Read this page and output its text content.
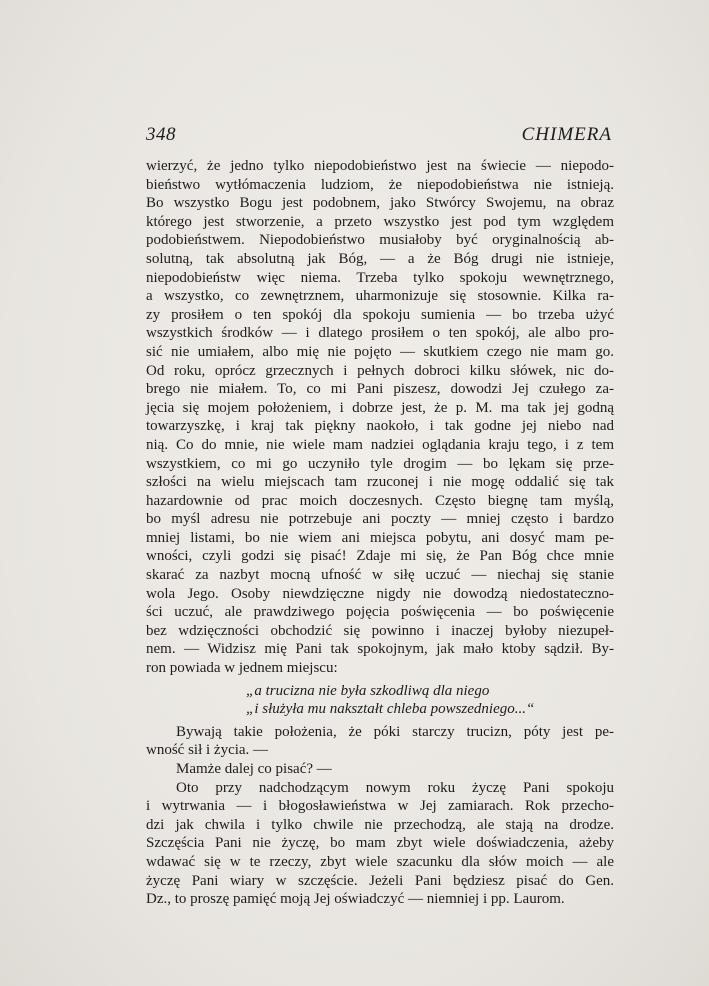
348	CHIMERA
wierzyć, że jedno tylko niepodobieństwo jest na świecie — niepodo-
bieństwo wytłómaczenia ludziom, że niepodobieństwa nie istnieją.
Bo wszystko Bogu jest podobnem, jako Stwórcy Swojemu, na obraz
którego jest stworzenie, a przeto wszystko jest pod tym względem
podobieństwem. Niepodobieństwo musiałoby być oryginalnością ab-
solutną, tak absolutną jak Bóg, — a że Bóg drugi nie istnieje,
niepodobieństw więc niema. Trzeba tylko spokoju wewnętrznego,
a wszystko, co zewnętrznem, uharmonizuje się stosownie. Kilka ra-
zy prosiłem o ten spokój dla spokoju sumienia — bo trzeba użyć
wszystkich środków — i dlatego prosiłem o ten spokój, ale albo pro-
sić nie umiałem, albo mię nie pojęto — skutkiem czego nie mam go.
Od roku, oprócz grzecznych i pełnych dobroci kilku słówek, nic do-
brego nie miałem. To, co mi Pani piszesz, dowodzi Jej czułego za-
jęcia się mojem położeniem, i dobrze jest, że p. M. ma tak jej godną
towarzyszkę, i kraj tak piękny naokoło, i tak godne jej niebo nad
nią. Co do mnie, nie wiele mam nadziei oglądania kraju tego, i z tem
wszystkiem, co mi go uczyniło tyle drogim — bo lękam się prze-
szłości na wielu miejscach tam rzuconej i nie mogę oddalić się tak
hazardownie od prac moich doczesnych. Często biegnę tam myślą,
bo myśl adresu nie potrzebuje ani poczty — mniej często i bardzo
mniej listami, bo nie wiem ani miejsca pobytu, ani dosyć mam pe-
wności, czyli godzi się pisać! Zdaje mi się, że Pan Bóg chce mnie
skarać za nazbyt mocną ufność w siłę uczuć — niechaj się stanie
wola Jego. Osoby niewdzięczne nigdy nie dowodzą niedostateczno-
ści uczuć, ale prawdziwego pojęcia poświęcenia — bo poświęcenie
bez wdzięczności obchodzić się powinno i inaczej byłoby niezupeł-
nem. — Widzisz mię Pani tak spokojnym, jak mało ktoby sądził. By-
ron powiada w jednem miejscu:
„a trucizna nie była szkodliwą dla niego
„i służyła mu nakształt chleba powszedniego...“
Bywają takie położenia, że póki starczy trucizn, póty jest pe-
wność sił i życia. —
Mamże dalej co pisać? —
Oto przy nadchodzącym nowym roku życzę Pani spokoju
i wytrwania — i błogosławieństwa w Jej zamiarach. Rok przecho-
dzi jak chwila i tylko chwile nie przechodzą, ale stają na drodze.
Szczęścia Pani nie życzę, bo mam zbyt wiele doświadczenia, ażeby
wdawać się w te rzeczy, zbyt wiele szacunku dla słów moich — ale
życzę Pani wiary w szczęście. Jeżeli Pani będziesz pisać do Gen.
Dz., to proszę pamięć moją Jej oświadczyć — niemniej i pp. Laurom.
